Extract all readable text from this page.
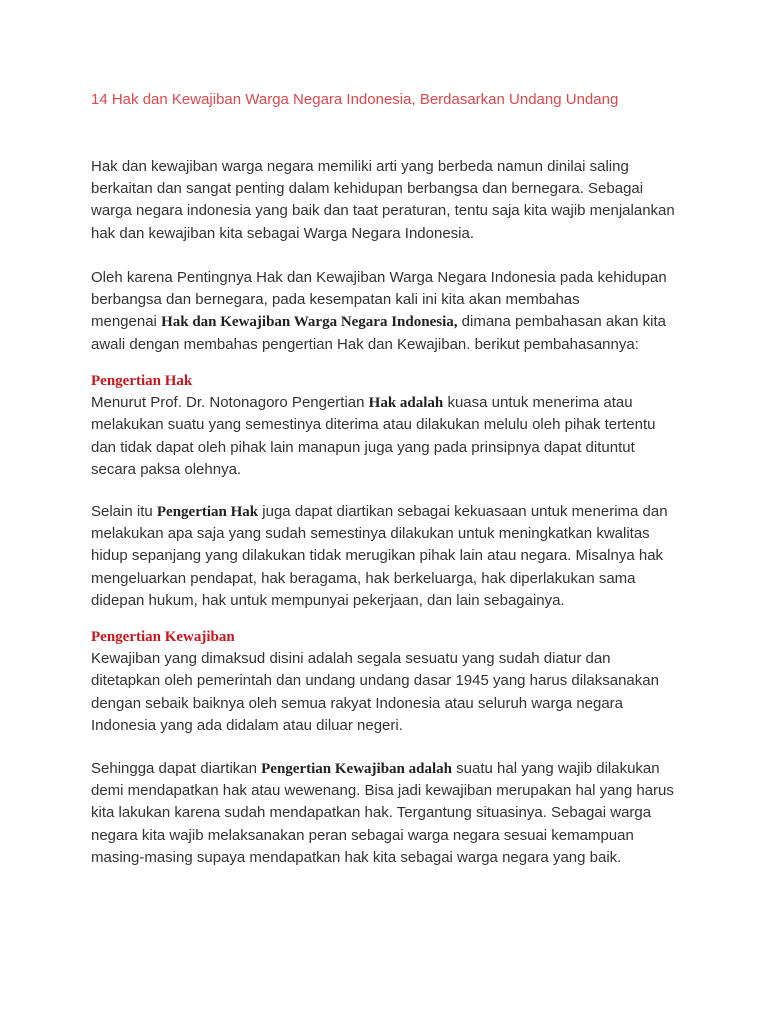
14 Hak dan Kewajiban Warga Negara Indonesia, Berdasarkan Undang Undang
Hak dan kewajiban warga negara memiliki arti yang berbeda namun dinilai saling
berkaitan dan sangat penting dalam kehidupan berbangsa dan bernegara. Sebagai
warga negara indonesia yang baik dan taat peraturan, tentu saja kita wajib menjalankan
hak dan kewajiban kita sebagai Warga Negara Indonesia.
Oleh karena Pentingnya Hak dan Kewajiban Warga Negara Indonesia pada kehidupan
berbangsa dan bernegara, pada kesempatan kali ini kita akan membahas
mengenai Hak dan Kewajiban Warga Negara Indonesia, dimana pembahasan akan kita
awali dengan membahas pengertian Hak dan Kewajiban. berikut pembahasannya:
Pengertian Hak
Menurut Prof. Dr. Notonagoro Pengertian Hak adalah kuasa untuk menerima atau
melakukan suatu yang semestinya diterima atau dilakukan melulu oleh pihak tertentu
dan tidak dapat oleh pihak lain manapun juga yang pada prinsipnya dapat dituntut
secara paksa olehnya.
Selain itu Pengertian Hak juga dapat diartikan sebagai kekuasaan untuk menerima dan
melakukan apa saja yang sudah semestinya dilakukan untuk meningkatkan kwalitas
hidup sepanjang yang dilakukan tidak merugikan pihak lain atau negara. Misalnya hak
mengeluarkan pendapat, hak beragama, hak berkeluarga, hak diperlakukan sama
didepan hukum, hak untuk mempunyai pekerjaan, dan lain sebagainya.
Pengertian Kewajiban
Kewajiban yang dimaksud disini adalah segala sesuatu yang sudah diatur dan
ditetapkan oleh pemerintah dan undang undang dasar 1945 yang harus dilaksanakan
dengan sebaik baiknya oleh semua rakyat Indonesia atau seluruh warga negara
Indonesia yang ada didalam atau diluar negeri.
Sehingga dapat diartikan Pengertian Kewajiban adalah suatu hal yang wajib dilakukan
demi mendapatkan hak atau wewenang. Bisa jadi kewajiban merupakan hal yang harus
kita lakukan karena sudah mendapatkan hak. Tergantung situasinya. Sebagai warga
negara kita wajib melaksanakan peran sebagai warga negara sesuai kemampuan
masing-masing supaya mendapatkan hak kita sebagai warga negara yang baik.
